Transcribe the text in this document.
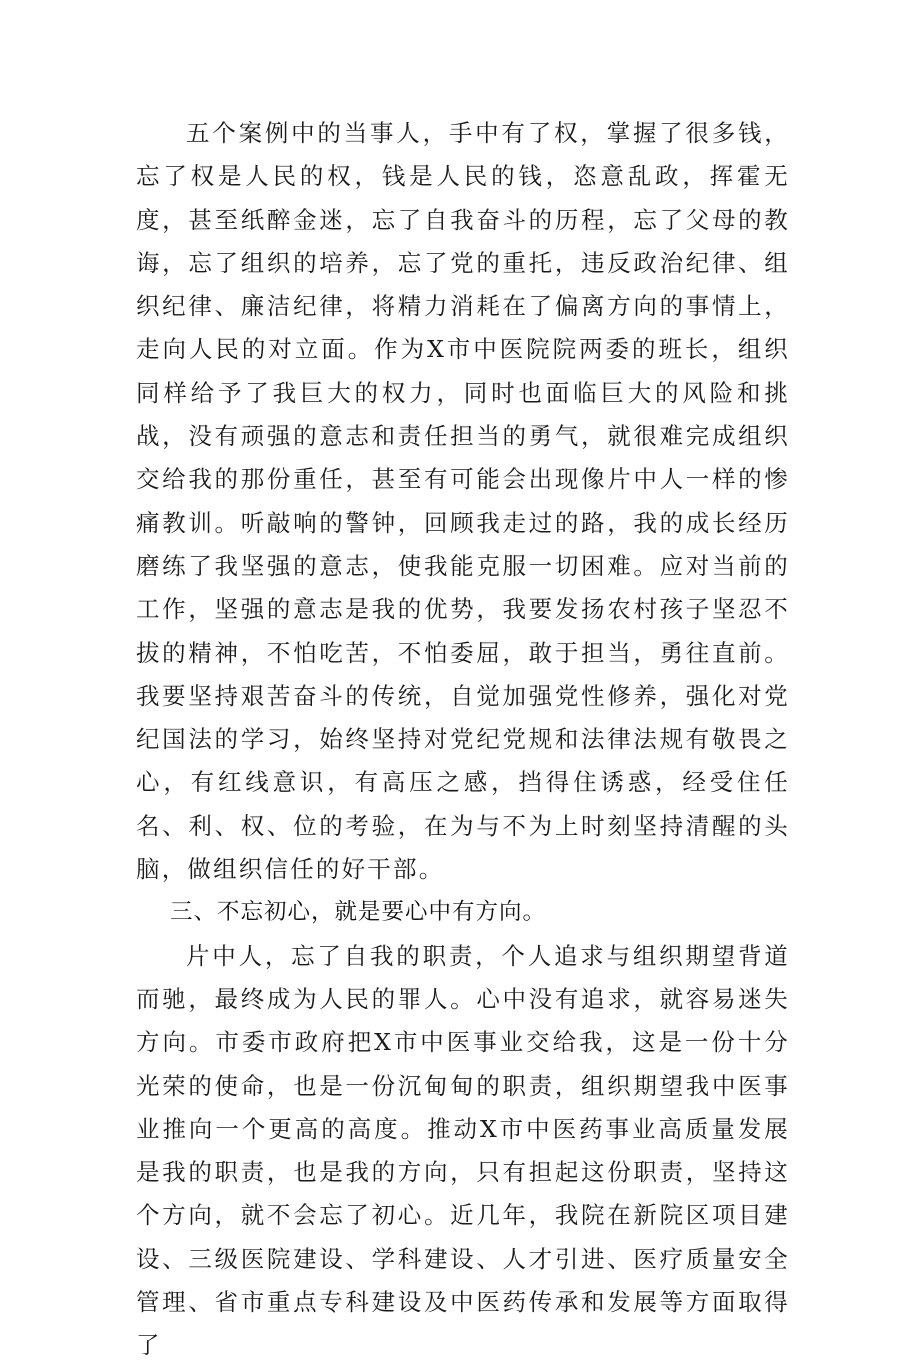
五个案例中的当事人，手中有了权，掌握了很多钱，忘了权是人民的权，钱是人民的钱，恣意乱政，挥霍无度，甚至纸醉金迷，忘了自我奋斗的历程，忘了父母的教诲，忘了组织的培养，忘了党的重托，违反政治纪律、组织纪律、廉洁纪律，将精力消耗在了偏离方向的事情上，走向人民的对立面。作为X市中医院院两委的班长，组织同样给予了我巨大的权力，同时也面临巨大的风险和挑战，没有顽强的意志和责任担当的勇气，就很难完成组织交给我的那份重任，甚至有可能会出现像片中人一样的惨痛教训。听敲响的警钟，回顾我走过的路，我的成长经历磨练了我坚强的意志，使我能克服一切困难。应对当前的工作，坚强的意志是我的优势，我要发扬农村孩子坚忍不拔的精神，不怕吃苦，不怕委屈，敢于担当，勇往直前。我要坚持艰苦奋斗的传统，自觉加强党性修养，强化对党纪国法的学习，始终坚持对党纪党规和法律法规有敬畏之心，有红线意识，有高压之感，挡得住诱惑，经受住任名、利、权、位的考验，在为与不为上时刻坚持清醒的头脑，做组织信任的好干部。

三、不忘初心，就是要心中有方向。

片中人，忘了自我的职责，个人追求与组织期望背道而驰，最终成为人民的罪人。心中没有追求，就容易迷失方向。市委市政府把X市中医事业交给我，这是一份十分光荣的使命，也是一份沉甸甸的职责，组织期望我中医事业推向一个更高的高度。推动X市中医药事业高质量发展是我的职责，也是我的方向，只有担起这份职责，坚持这个方向，就不会忘了初心。近几年，我院在新院区项目建设、三级医院建设、学科建设、人才引进、医疗质量安全管理、省市重点专科建设及中医药传承和发展等方面取得了
